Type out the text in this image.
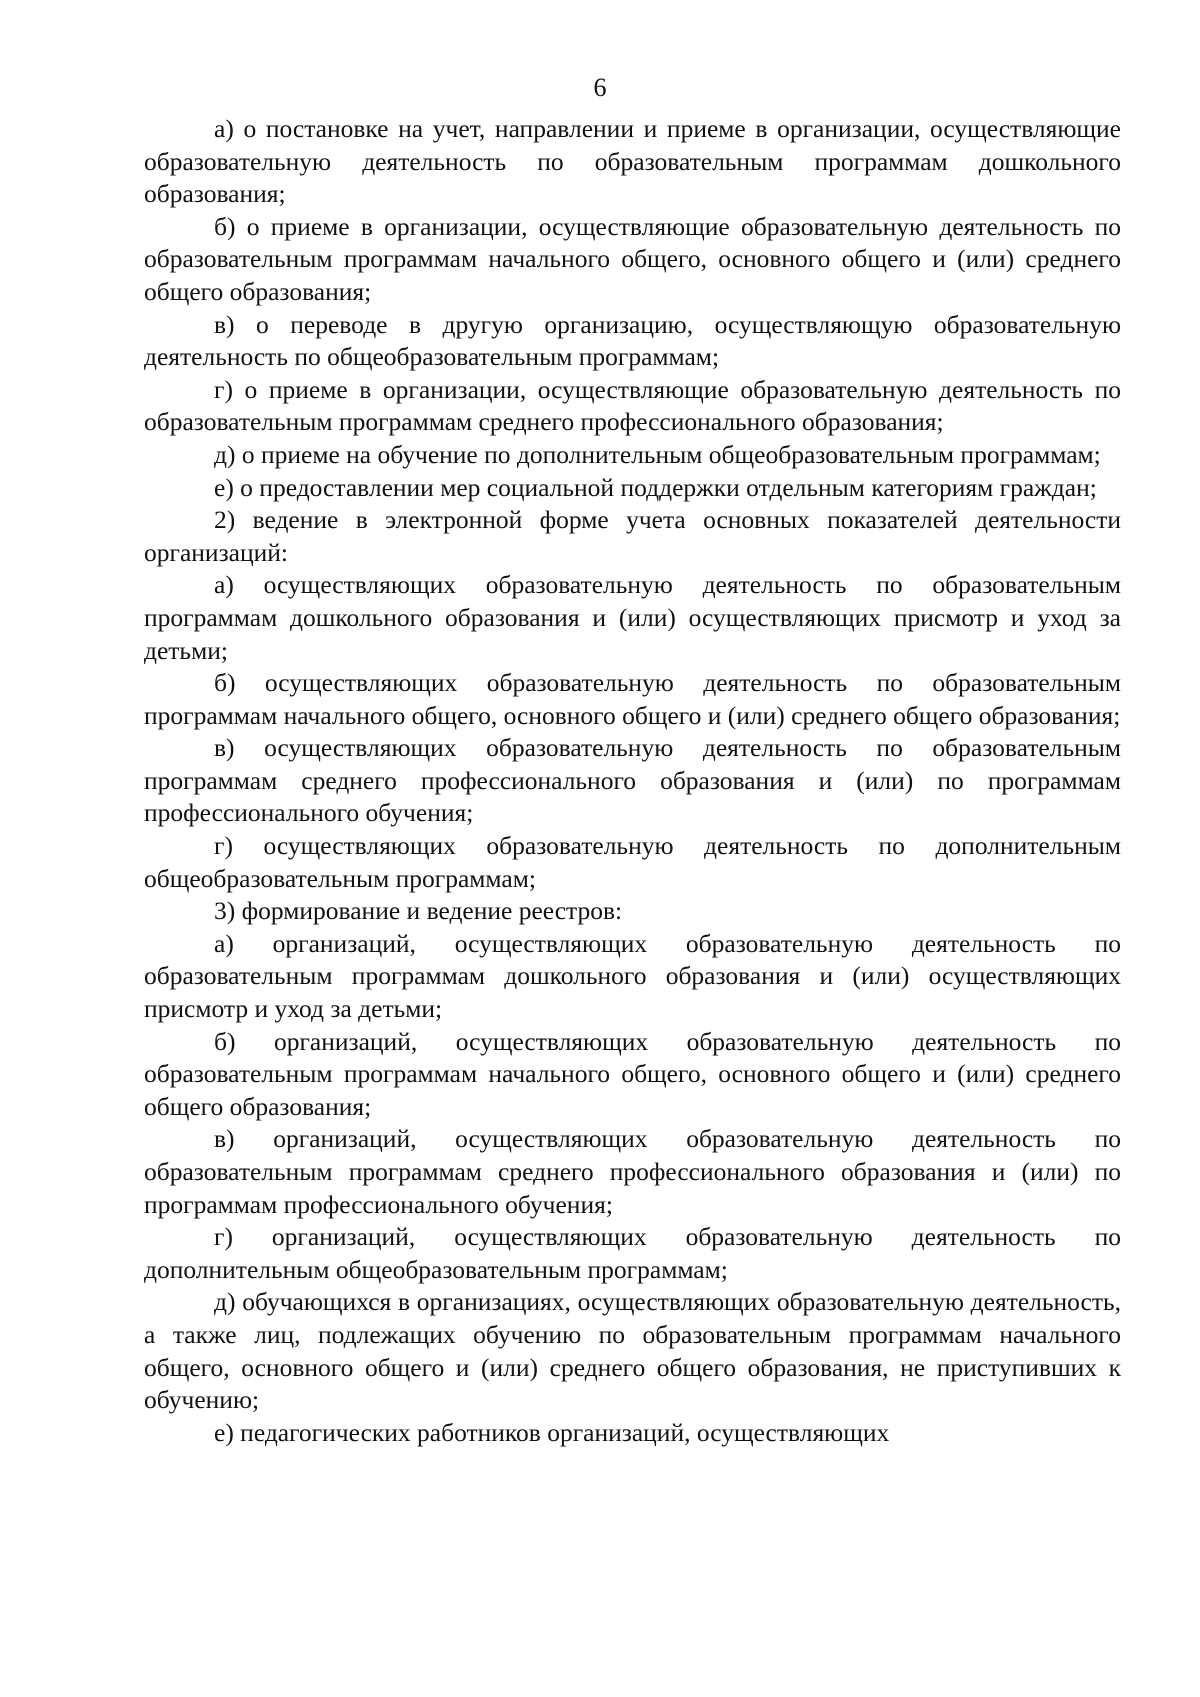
6

а) о постановке на учет, направлении и приеме в организации, осуществляющие образовательную деятельность по образовательным программам дошкольного образования;

б) о приеме в организации, осуществляющие образовательную деятельность по образовательным программам начального общего, основного общего и (или) среднего общего образования;

в) о переводе в другую организацию, осуществляющую образовательную деятельность по общеобразовательным программам;

г) о приеме в организации, осуществляющие образовательную деятельность по образовательным программам среднего профессионального образования;

д) о приеме на обучение по дополнительным общеобразовательным программам;

е) о предоставлении мер социальной поддержки отдельным категориям граждан;

2) ведение в электронной форме учета основных показателей деятельности организаций:

а) осуществляющих образовательную деятельность по образовательным программам дошкольного образования и (или) осуществляющих присмотр и уход за детьми;

б) осуществляющих образовательную деятельность по образовательным программам начального общего, основного общего и (или) среднего общего образования;

в) осуществляющих образовательную деятельность по образовательным программам среднего профессионального образования и (или) по программам профессионального обучения;

г) осуществляющих образовательную деятельность по дополнительным общеобразовательным программам;

3) формирование и ведение реестров:

а) организаций, осуществляющих образовательную деятельность по образовательным программам дошкольного образования и (или) осуществляющих присмотр и уход за детьми;

б) организаций, осуществляющих образовательную деятельность по образовательным программам начального общего, основного общего и (или) среднего общего образования;

в) организаций, осуществляющих образовательную деятельность по образовательным программам среднего профессионального образования и (или) по программам профессионального обучения;

г) организаций, осуществляющих образовательную деятельность по дополнительным общеобразовательным программам;

д) обучающихся в организациях, осуществляющих образовательную деятельность, а также лиц, подлежащих обучению по образовательным программам начального общего, основного общего и (или) среднего общего образования, не приступивших к обучению;

е) педагогических работников организаций, осуществляющих
